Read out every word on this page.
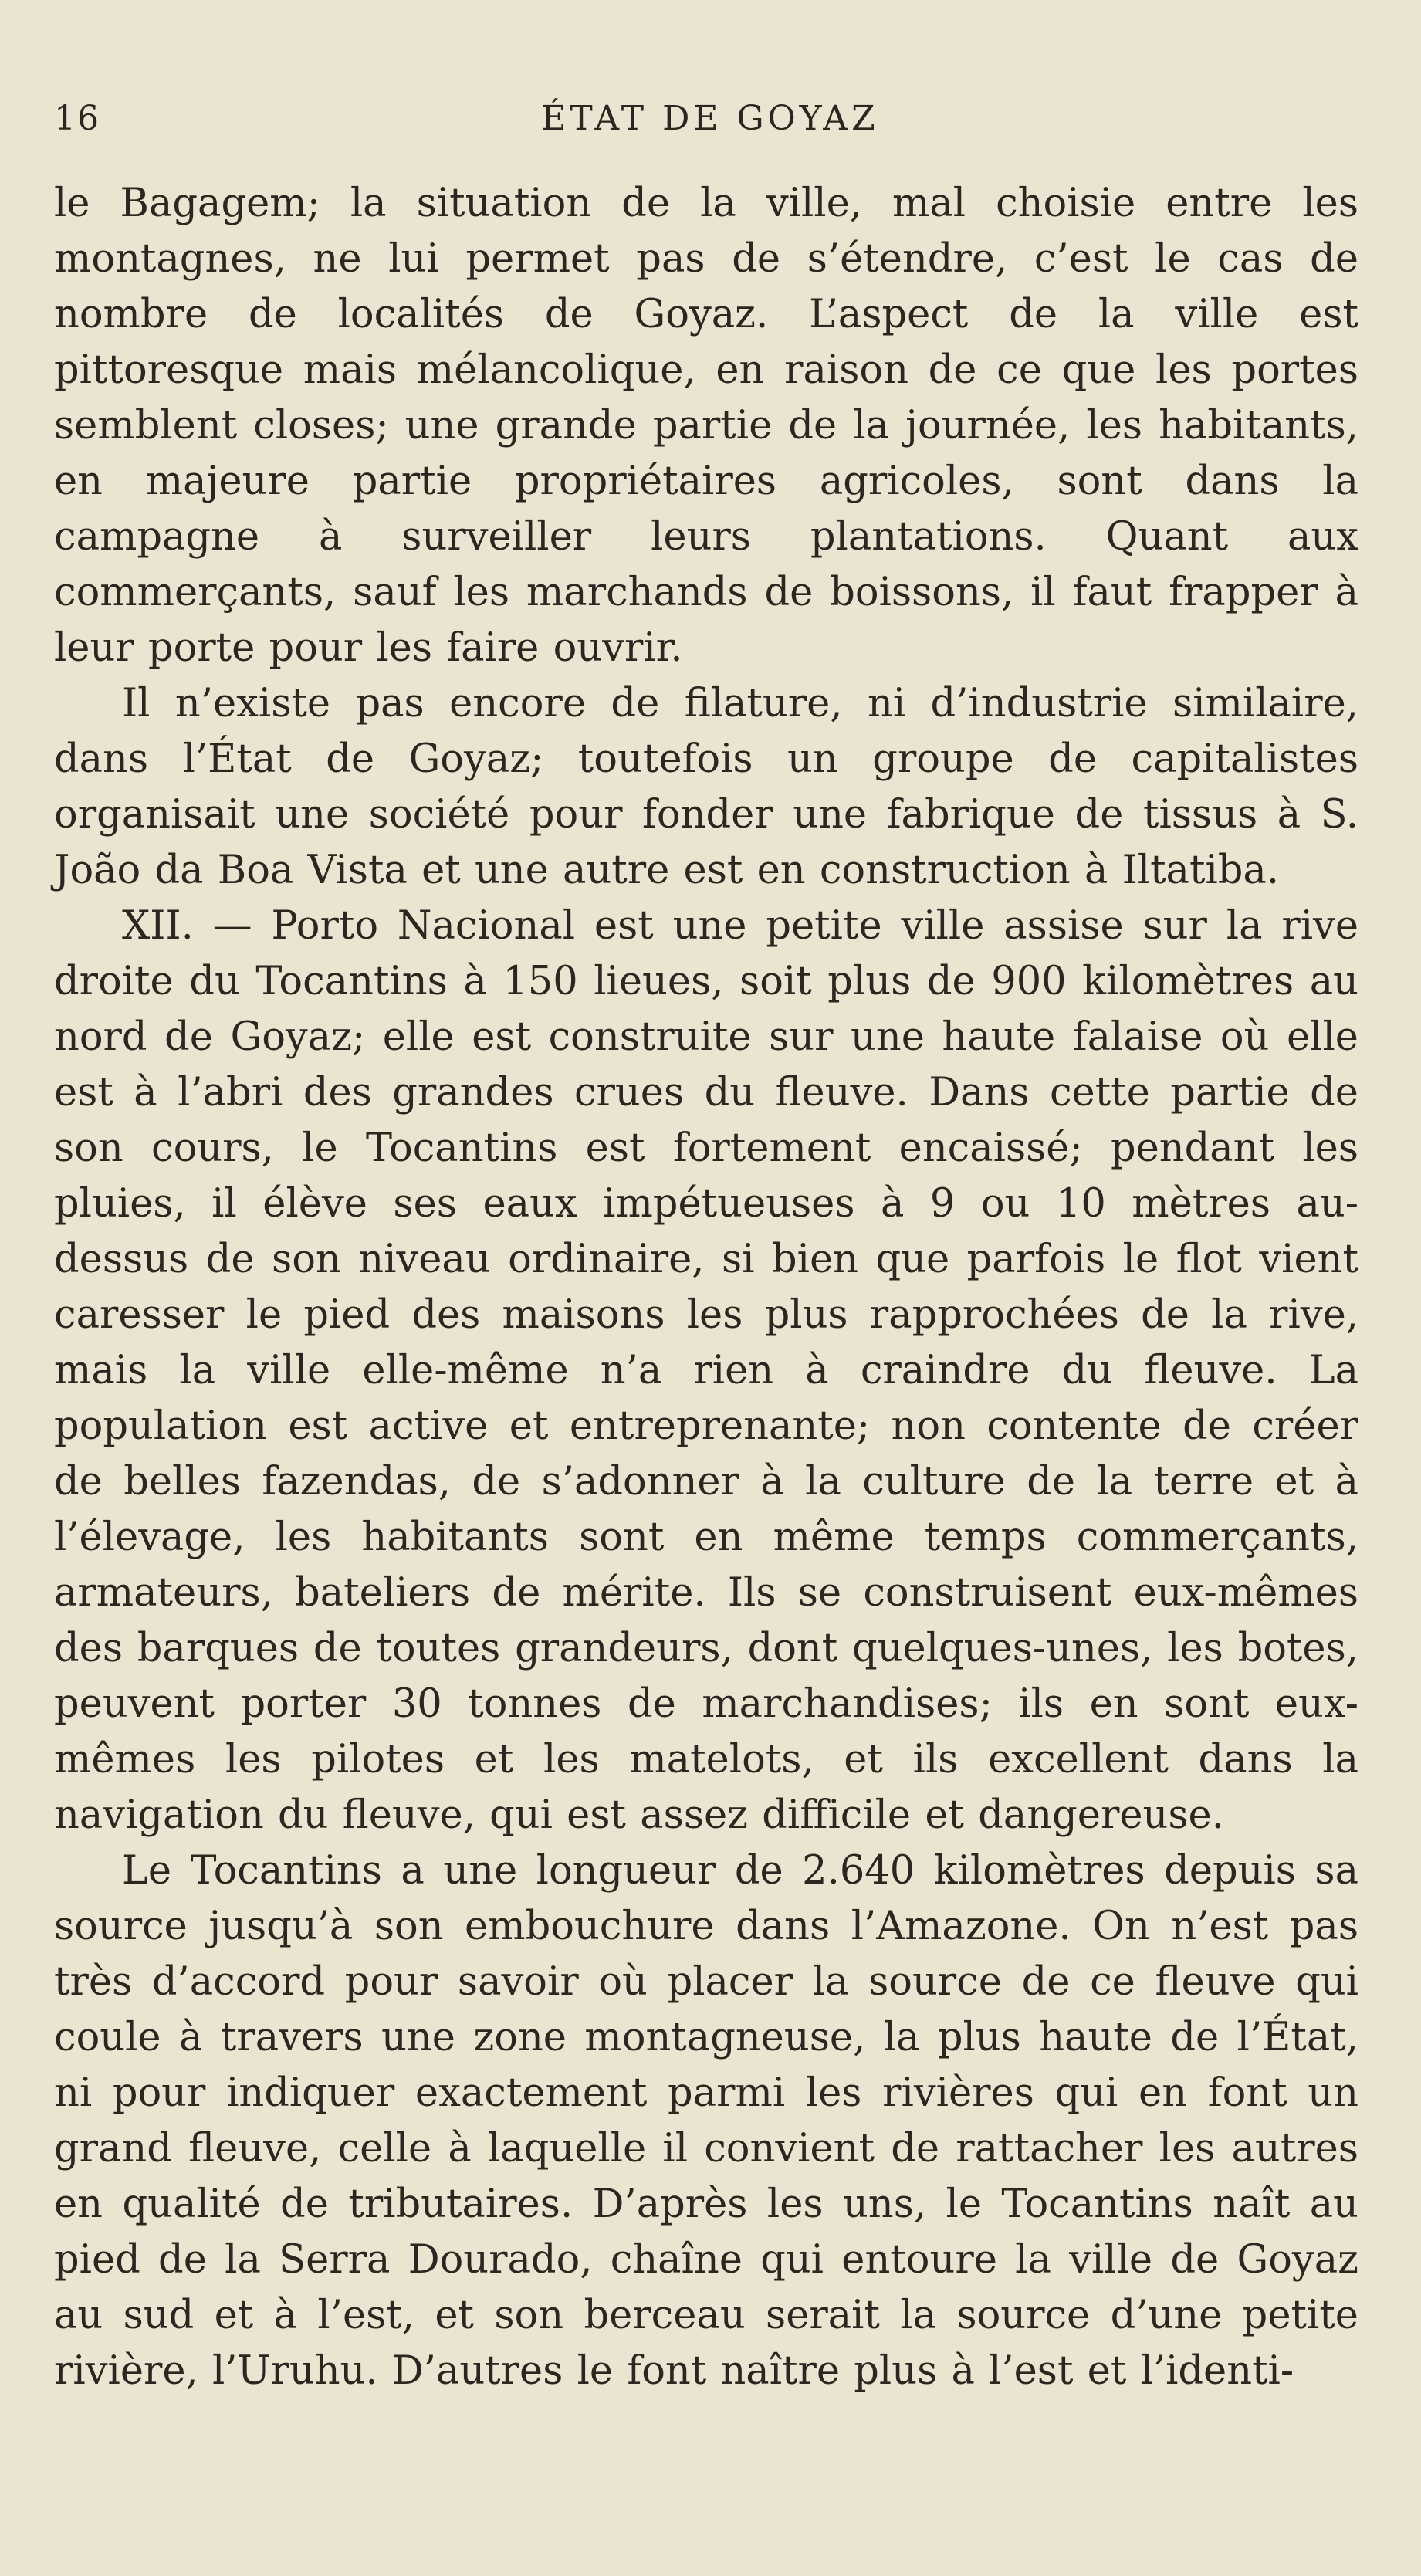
16	ÉTAT DE GOYAZ

le Bagagem; la situation de la ville, mal choisie entre les montagnes, ne lui permet pas de s’étendre, c’est le cas de nombre de localités de Goyaz. L’aspect de la ville est pittoresque mais mélancolique, en raison de ce que les portes semblent closes; une grande partie de la journée, les habitants, en majeure partie propriétaires agricoles, sont dans la campagne à surveiller leurs plantations. Quant aux commerçants, sauf les marchands de boissons, il faut frapper à leur porte pour les faire ouvrir.

Il n’existe pas encore de filature, ni d’industrie similaire, dans l’État de Goyaz; toutefois un groupe de capitalistes organisait une société pour fonder une fabrique de tissus à S. João da Boa Vista et une autre est en construction à Iltatiba.

XII. — Porto Nacional est une petite ville assise sur la rive droite du Tocantins à 150 lieues, soit plus de 900 kilomètres au nord de Goyaz; elle est construite sur une haute falaise où elle est à l’abri des grandes crues du fleuve. Dans cette partie de son cours, le Tocantins est fortement encaissé; pendant les pluies, il élève ses eaux impétueuses à 9 ou 10 mètres au-dessus de son niveau ordinaire, si bien que parfois le flot vient caresser le pied des maisons les plus rapprochées de la rive, mais la ville elle-même n’a rien à craindre du fleuve. La population est active et entreprenante; non contente de créer de belles fazendas, de s’adonner à la culture de la terre et à l’élevage, les habitants sont en même temps commerçants, armateurs, bateliers de mérite. Ils se construisent eux-mêmes des barques de toutes grandeurs, dont quelques-unes, les botes, peuvent porter 30 tonnes de marchandises; ils en sont eux-mêmes les pilotes et les matelots, et ils excellent dans la navigation du fleuve, qui est assez difficile et dangereuse.

Le Tocantins a une longueur de 2.640 kilomètres depuis sa source jusqu’à son embouchure dans l’Amazone. On n’est pas très d’accord pour savoir où placer la source de ce fleuve qui coule à travers une zone montagneuse, la plus haute de l’État, ni pour indiquer exactement parmi les rivières qui en font un grand fleuve, celle à laquelle il convient de rattacher les autres en qualité de tributaires. D’après les uns, le Tocantins naît au pied de la Serra Dourado, chaîne qui entoure la ville de Goyaz au sud et à l’est, et son berceau serait la source d’une petite rivière, l’Uruhu. D’autres le font naître plus à l’est et l’identi-
